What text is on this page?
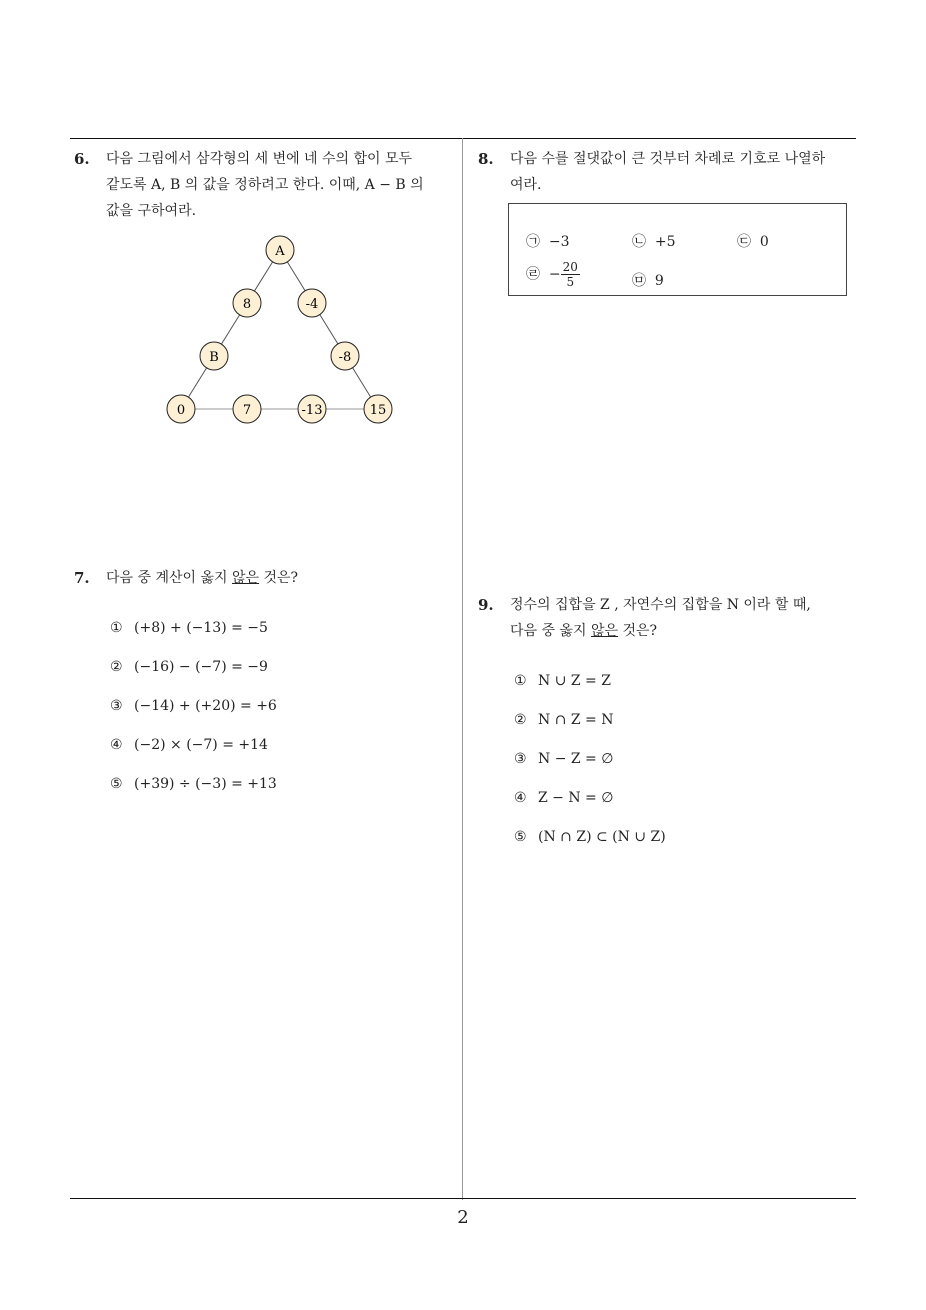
6. 다음 그림에서 삼각형의 세 변에 네 수의 합이 모두
같도록 A, B 의 값을 정하려고 한다. 이때, A − B 의
값을 구하여라.
A
8	-4
B	-8
0	7	-13	15
7. 다음 중 계산이 옳지 않은 것은?
① (+8) + (−13) = −5
② (−16) − (−7) = −9
③ (−14) + (+20) = +6
④ (−2) × (−7) = +14
⑤ (+39) ÷ (−3) = +13
8. 다음 수를 절댓값이 큰 것부터 차례로 기호로 나열하
여라.
㉠ −3	㉡ +5	㉢ 0
㉣ − $\frac{20}{5}$	㉤ 9
9. 정수의 집합을 Z , 자연수의 집합을 N 이라 할 때,
다음 중 옳지 않은 것은?
① N ∪ Z = Z
② N ∩ Z = N
③ N − Z = ∅
④ Z − N = ∅
⑤ (N ∩ Z) ⊂ (N ∪ Z)
2
